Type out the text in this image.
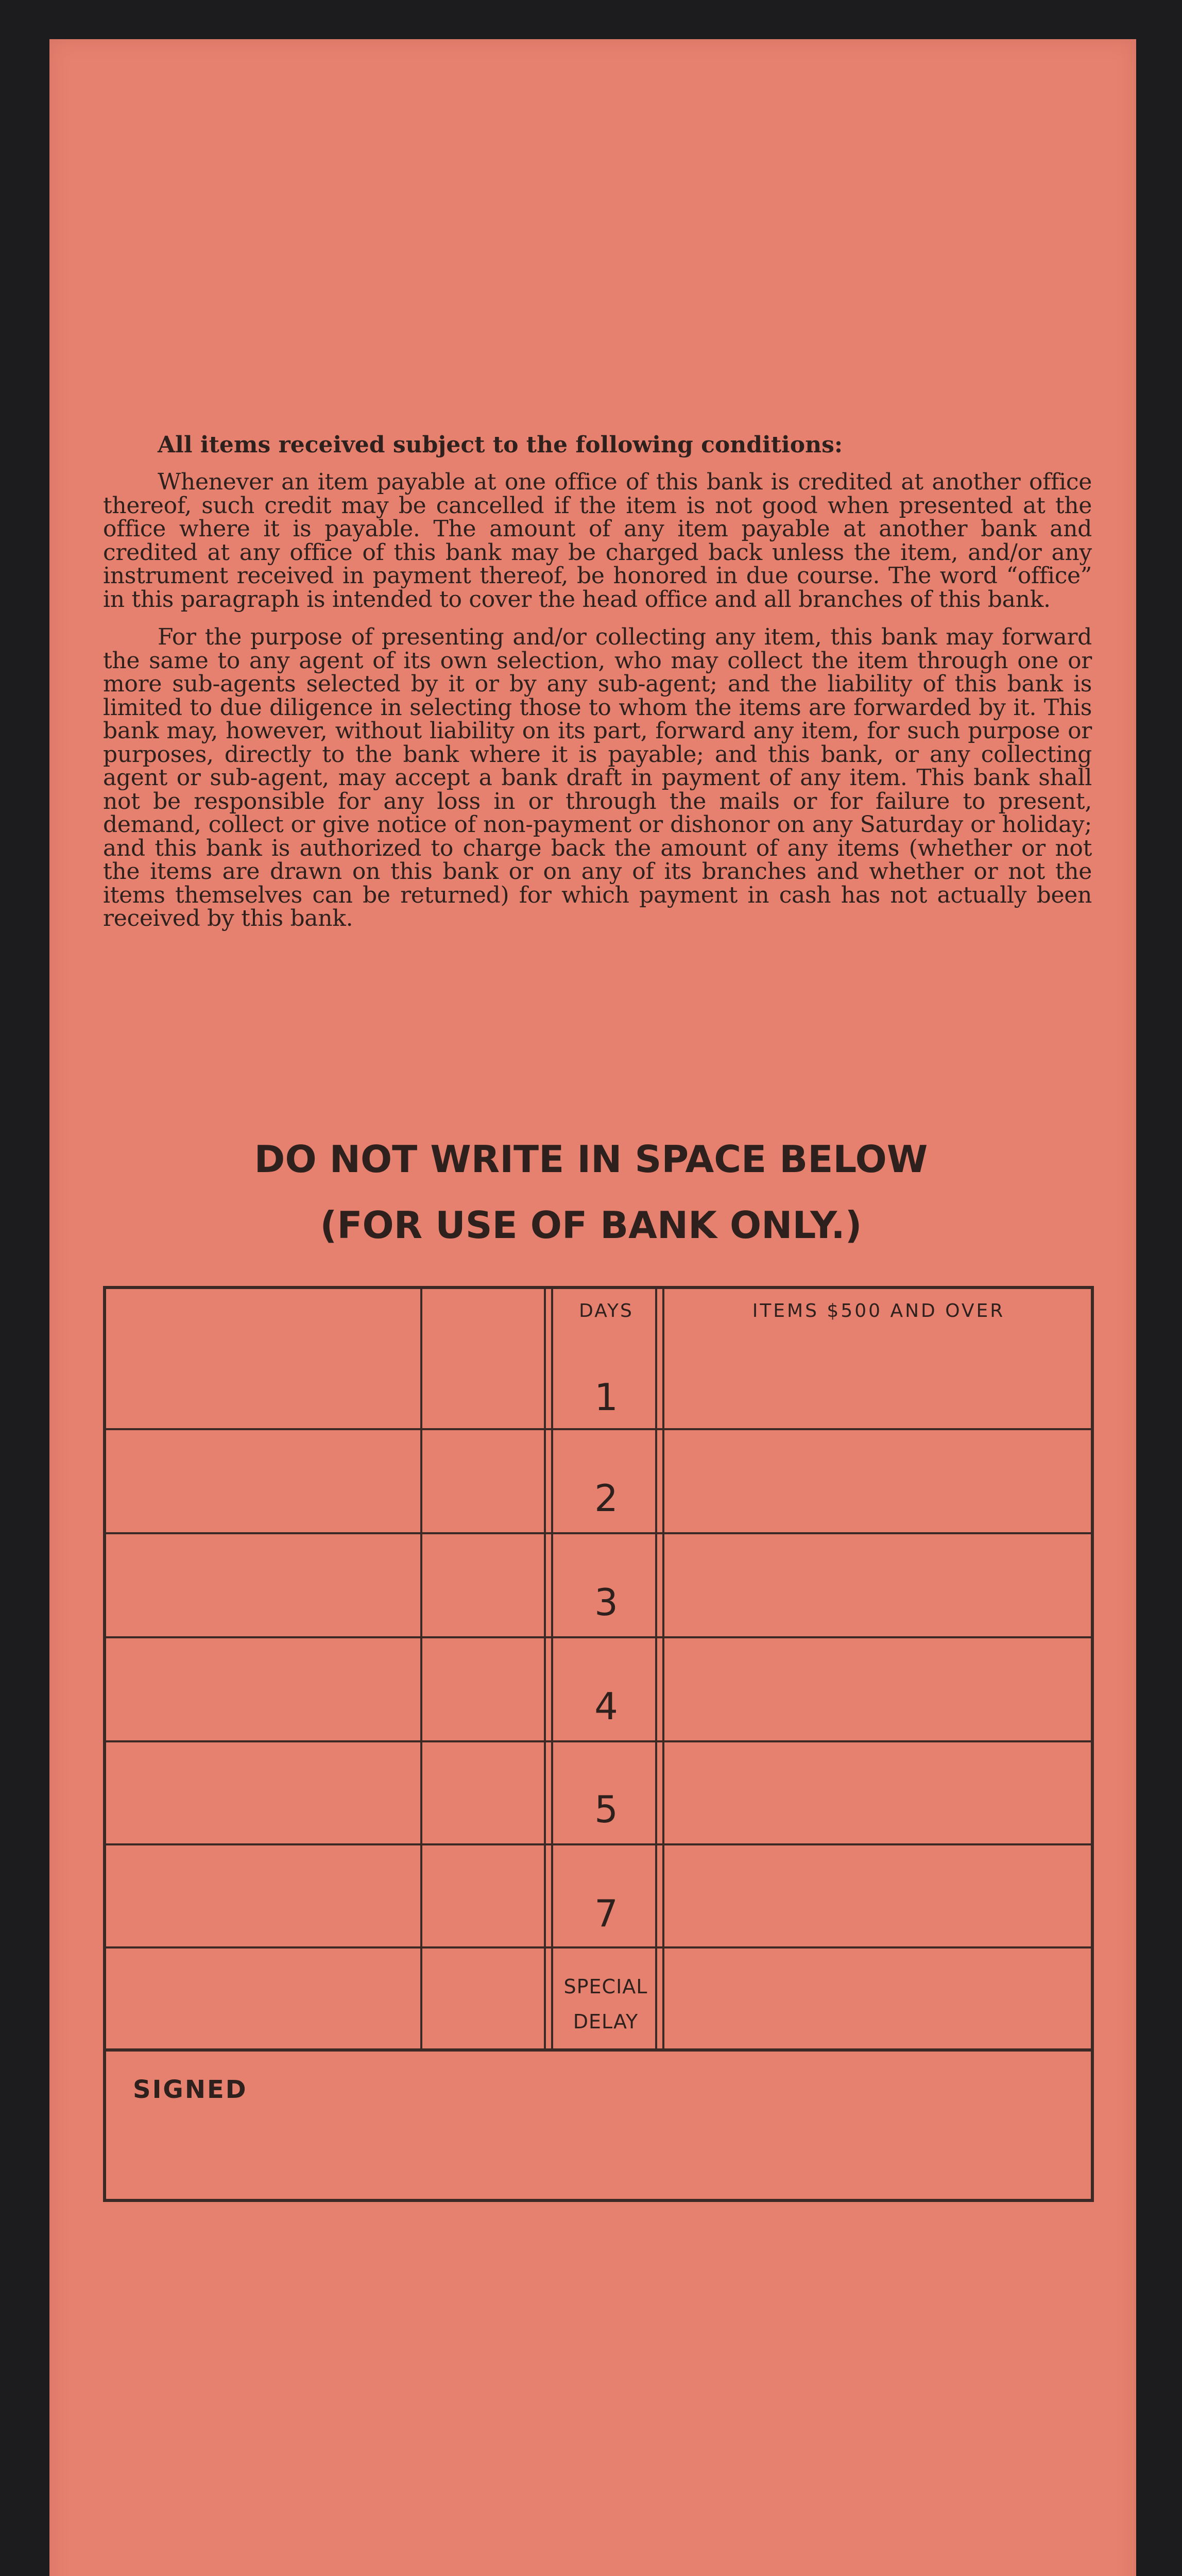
All items received subject to the following conditions:

Whenever an item payable at one office of this bank is credited at another office thereof, such credit may be cancelled if the item is not good when presented at the office where it is payable. The amount of any item payable at another bank and credited at any office of this bank may be charged back unless the item, and/or any instrument received in payment thereof, be honored in due course. The word “office” in this paragraph is intended to cover the head office and all branches of this bank.

For the purpose of presenting and/or collecting any item, this bank may forward the same to any agent of its own selection, who may collect the item through one or more sub-agents selected by it or by any sub-agent; and the liability of this bank is limited to due diligence in selecting those to whom the items are forwarded by it. This bank may, however, without liability on its part, forward any item, for such purpose or purposes, directly to the bank where it is payable; and this bank, or any collecting agent or sub-agent, may accept a bank draft in payment of any item. This bank shall not be responsible for any loss in or through the mails or for failure to present, demand, collect or give notice of non-payment or dishonor on any Saturday or holiday; and this bank is authorized to charge back the amount of any items (whether or not the items are drawn on this bank or on any of its branches and whether or not the items themselves can be returned) for which payment in cash has not actually been received by this bank.

DO NOT WRITE IN SPACE BELOW
(FOR USE OF BANK ONLY.)
DAYS	ITEMS $500 AND OVER
1
2
3
4
5
7
SPECIAL
DELAY
SIGNED
